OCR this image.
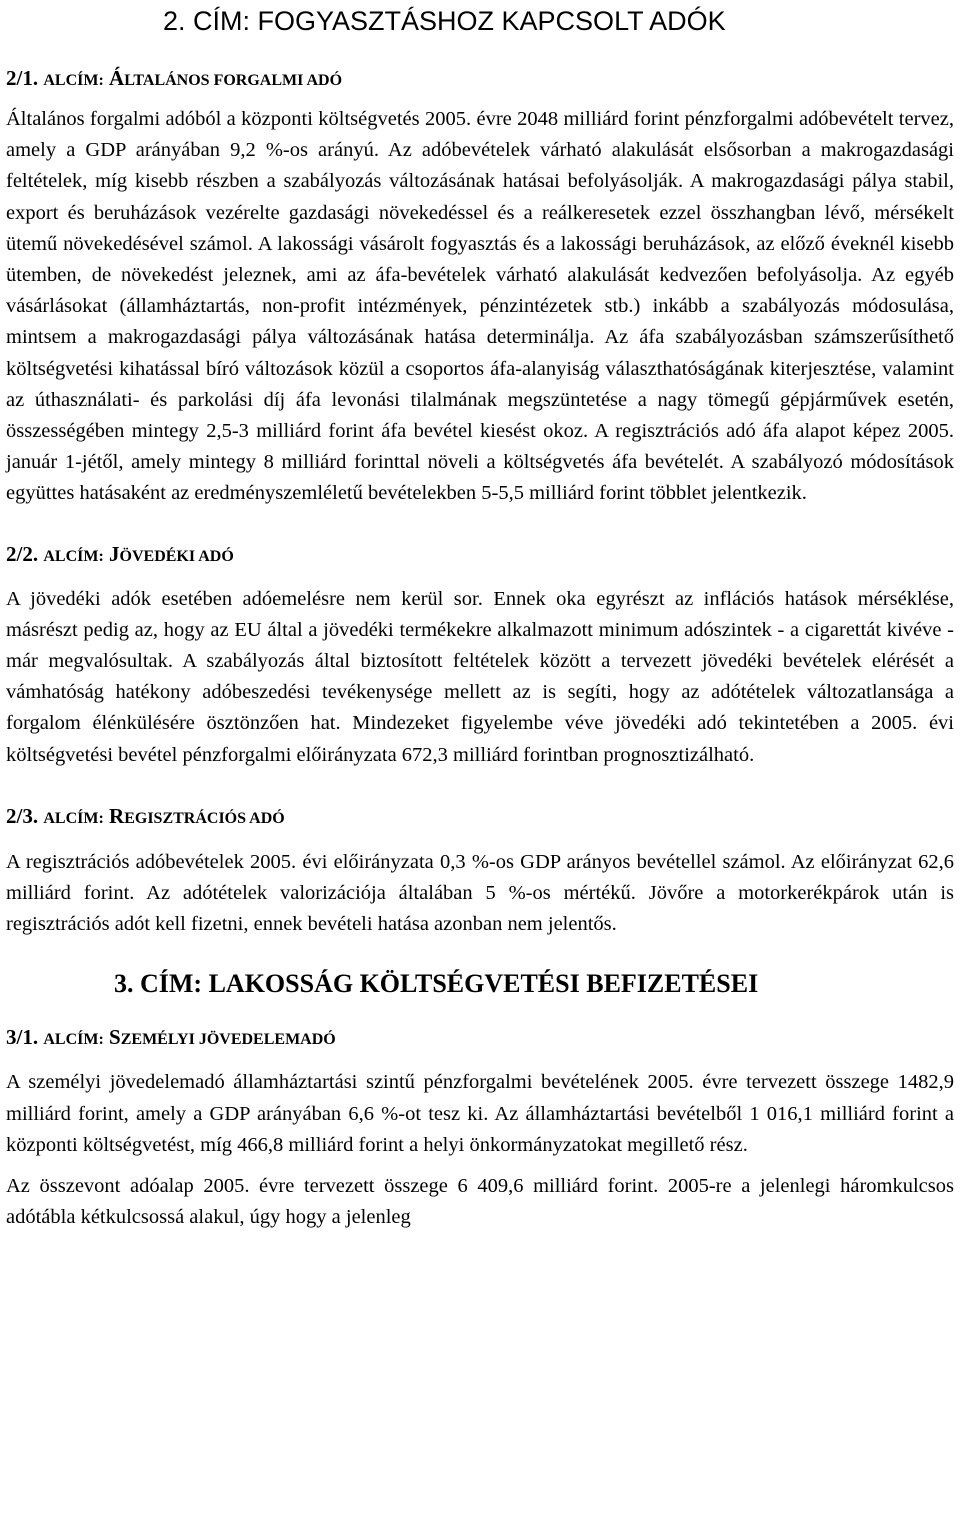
2. CÍM: FOGYASZTÁSHOZ KAPCSOLT ADÓK
2/1. ALCÍM: ÁLTALÁNOS FORGALMI ADÓ

Általános forgalmi adóból a központi költségvetés 2005. évre 2048 milliárd forint pénzforgalmi adóbevételt tervez, amely a GDP arányában 9,2 %-os arányú. Az adóbevételek várható alakulását elsősorban a makrogazdasági feltételek, míg kisebb részben a szabályozás változásának hatásai befolyásolják. A makrogazdasági pálya stabil, export és beruházások vezérelte gazdasági növekedéssel és a reálkeresetek ezzel összhangban lévő, mérsékelt ütemű növekedésével számol. A lakossági vásárolt fogyasztás és a lakossági beruházások, az előző éveknél kisebb ütemben, de növekedést jeleznek, ami az áfa-bevételek várható alakulását kedvezően befolyásolja. Az egyéb vásárlásokat (államháztartás, non-profit intézmények, pénzintézetek stb.) inkább a szabályozás módosulása, mintsem a makrogazdasági pálya változásának hatása determinálja. Az áfa szabályozásban számszerűsíthető költségvetési kihatással bíró változások közül a csoportos áfa-alanyiság választhatóságának kiterjesztése, valamint az úthasználati- és parkolási díj áfa levonási tilalmának megszüntetése a nagy tömegű gépjárművek esetén, összességében mintegy 2,5-3 milliárd forint áfa bevétel kiesést okoz. A regisztrációs adó áfa alapot képez 2005. január 1-jétől, amely mintegy 8 milliárd forinttal növeli a költségvetés áfa bevételét. A szabályozó módosítások együttes hatásaként az eredményszemléletű bevételekben 5-5,5 milliárd forint többlet jelentkezik.

2/2. ALCÍM: JÖVEDÉKI ADÓ

A jövedéki adók esetében adóemelésre nem kerül sor. Ennek oka egyrészt az inflációs hatások mérséklése, másrészt pedig az, hogy az EU által a jövedéki termékekre alkalmazott minimum adószintek - a cigarettát kivéve - már megvalósultak. A szabályozás által biztosított feltételek között a tervezett jövedéki bevételek elérését a vámhatóság hatékony adóbeszedési tevékenysége mellett az is segíti, hogy az adótételek változatlansága a forgalom élénkülésére ösztönzően hat. Mindezeket figyelembe véve jövedéki adó tekintetében a 2005. évi költségvetési bevétel pénzforgalmi előirányzata 672,3 milliárd forintban prognosztizálható.

2/3. ALCÍM: REGISZTRÁCIÓS ADÓ

A regisztrációs adóbevételek 2005. évi előirányzata 0,3 %-os GDP arányos bevétellel számol. Az előirányzat 62,6 milliárd forint. Az adótételek valorizációja általában 5 %-os mértékű. Jövőre a motorkerékpárok után is regisztrációs adót kell fizetni, ennek bevételi hatása azonban nem jelentős.

3. CÍM: LAKOSSÁG KÖLTSÉGVETÉSI BEFIZETÉSEI
3/1. ALCÍM: SZEMÉLYI JÖVEDELEMADÓ

A személyi jövedelemadó államháztartási szintű pénzforgalmi bevételének 2005. évre tervezett összege 1482,9 milliárd forint, amely a GDP arányában 6,6 %-ot tesz ki. Az államháztartási bevételből 1 016,1 milliárd forint a központi költségvetést, míg 466,8 milliárd forint a helyi önkormányzatokat megillető rész.

Az összevont adóalap 2005. évre tervezett összege 6 409,6 milliárd forint. 2005-re a jelenlegi háromkulcsos adótábla kétkulcsossá alakul, úgy hogy a jelenleg
